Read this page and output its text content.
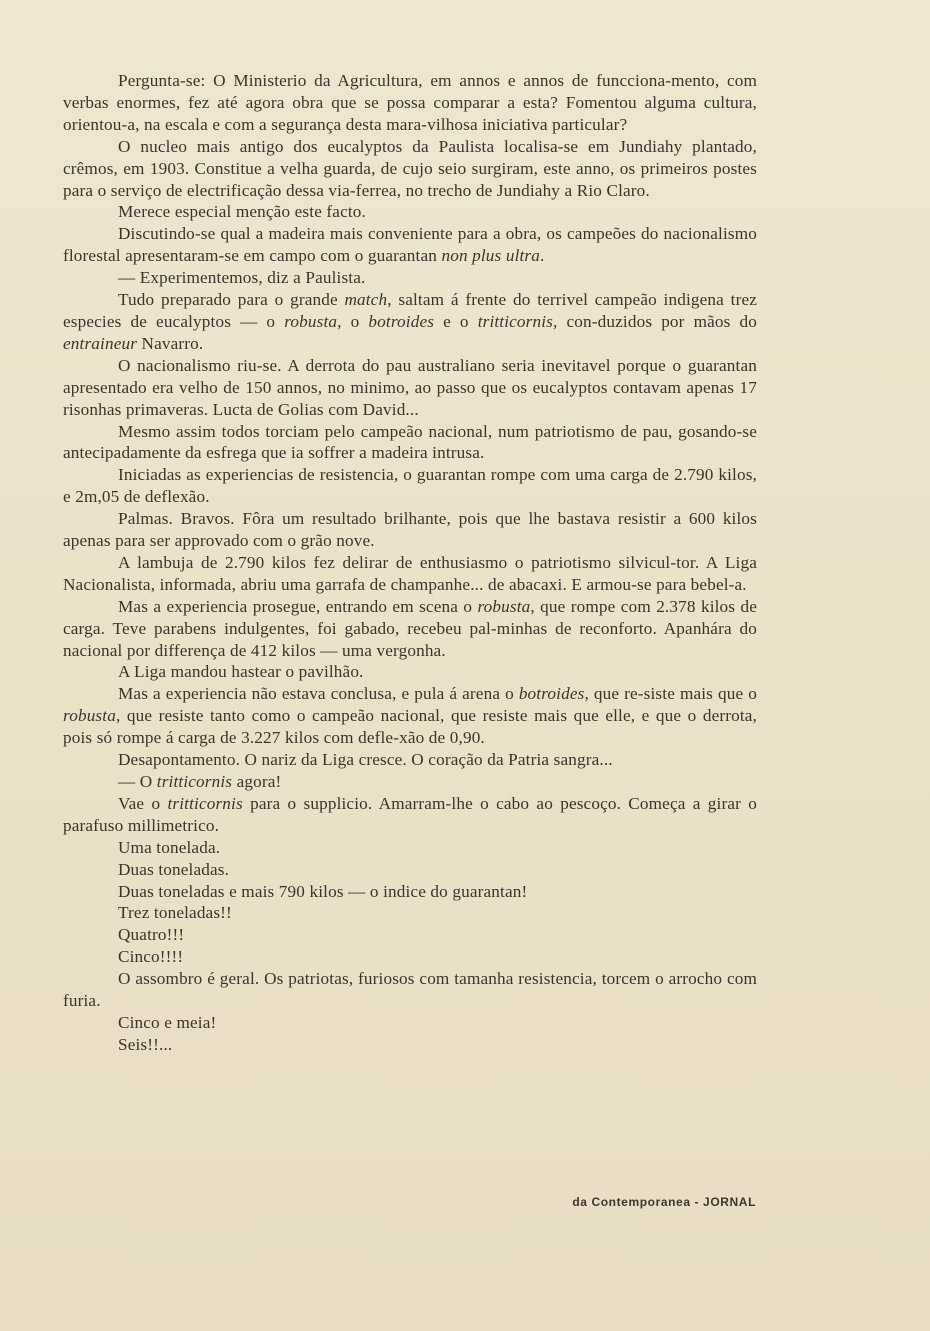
Pergunta-se: O Ministerio da Agricultura, em annos e annos de funcciona-mento, com verbas enormes, fez até agora obra que se possa comparar a esta? Fomentou alguma cultura, orientou-a, na escala e com a segurança desta mara-vilhosa iniciativa particular?

O nucleo mais antigo dos eucalyptos da Paulista localisa-se em Jundiahy plantado, crêmos, em 1903. Constitue a velha guarda, de cujo seio surgiram, este anno, os primeiros postes para o serviço de electrificação dessa via-ferrea, no trecho de Jundiahy a Rio Claro.

Merece especial menção este facto.

Discutindo-se qual a madeira mais conveniente para a obra, os campeões do nacionalismo florestal apresentaram-se em campo com o guarantan non plus ultra.

— Experimentemos, diz a Paulista.

Tudo preparado para o grande match, saltam á frente do terrivel campeão indigena trez especies de eucalyptos — o robusta, o botroides e o tritticornis, con-duzidos por mãos do entraineur Navarro.

O nacionalismo riu-se. A derrota do pau australiano seria inevitavel porque o guarantan apresentado era velho de 150 annos, no minimo, ao passo que os eucalyptos contavam apenas 17 risonhas primaveras. Lucta de Golias com David...

Mesmo assim todos torciam pelo campeão nacional, num patriotismo de pau, gosando-se antecipadamente da esfrega que ia soffrer a madeira intrusa.

Iniciadas as experiencias de resistencia, o guarantan rompe com uma carga de 2.790 kilos, e 2m,05 de deflexão.

Palmas. Bravos. Fôra um resultado brilhante, pois que lhe bastava resistir a 600 kilos apenas para ser approvado com o grão nove.

A lambuja de 2.790 kilos fez delirar de enthusiasmo o patriotismo silvicul-tor. A Liga Nacionalista, informada, abriu uma garrafa de champanhe... de abacaxi. E armou-se para bebel-a.

Mas a experiencia prosegue, entrando em scena o robusta, que rompe com 2.378 kilos de carga. Teve parabens indulgentes, foi gabado, recebeu pal-minhas de reconforto. Apanhára do nacional por differença de 412 kilos — uma vergonha.

A Liga mandou hastear o pavilhão.

Mas a experiencia não estava conclusa, e pula á arena o botroides, que re-siste mais que o robusta, que resiste tanto como o campeão nacional, que resiste mais que elle, e que o derrota, pois só rompe á carga de 3.227 kilos com defle-xão de 0,90.

Desapontamento. O nariz da Liga cresce. O coração da Patria sangra...

— O tritticornis agora!

Vae o tritticornis para o supplicio. Amarram-lhe o cabo ao pescoço. Começa a girar o parafuso millimetrico.

Uma tonelada.

Duas toneladas.

Duas toneladas e mais 790 kilos — o indice do guarantan!

Trez toneladas!!

Quatro!!!

Cinco!!!!

O assombro é geral. Os patriotas, furiosos com tamanha resistencia, torcem o arrocho com furia.

Cinco e meia!

Seis!!...

da Contemporanea - JORNAL
